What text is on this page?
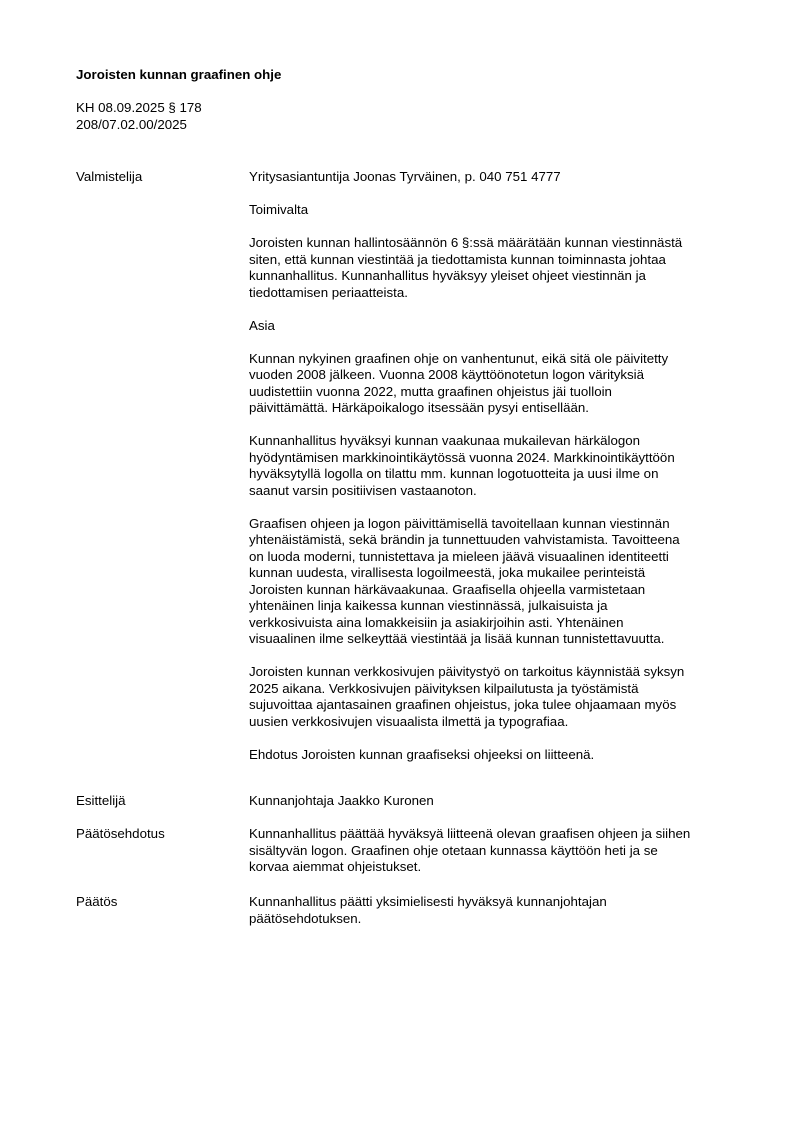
Joroisten kunnan graafinen ohje
KH 08.09.2025 § 178
208/07.02.00/2025
Valmistelija	Yritysasiantuntija Joonas Tyrväinen, p. 040 751 4777

Toimivalta

Joroisten kunnan hallintosäännön 6 §:ssä määrätään kunnan viestinnästä
siten, että kunnan viestintää ja tiedottamista kunnan toiminnasta johtaa
kunnanhallitus. Kunnanhallitus hyväksyy yleiset ohjeet viestinnän ja
tiedottamisen periaatteista.

Asia

Kunnan nykyinen graafinen ohje on vanhentunut, eikä sitä ole päivitetty
vuoden 2008 jälkeen. Vuonna 2008 käyttöönotetun logon värityksiä
uudistettiin vuonna 2022, mutta graafinen ohjeistus jäi tuolloin
päivittämättä. Härkäpoikalogo itsessään pysyi entisellään.

Kunnanhallitus hyväksyi kunnan vaakunaa mukailevan härkälogon
hyödyntämisen markkinointikäytössä vuonna 2024. Markkinointikäyttöön
hyväksytyllä logolla on tilattu mm. kunnan logotuotteita ja uusi ilme on
saanut varsin positiivisen vastaanoton.

Graafisen ohjeen ja logon päivittämisellä tavoitellaan kunnan viestinnän
yhtenäistämistä, sekä brändin ja tunnettuuden vahvistamista. Tavoitteena
on luoda moderni, tunnistettava ja mieleen jäävä visuaalinen identiteetti
kunnan uudesta, virallisesta logoilmeestä, joka mukailee perinteistä
Joroisten kunnan härkävaakunaa. Graafisella ohjeella varmistetaan
yhtenäinen linja kaikessa kunnan viestinnässä, julkaisuista ja
verkkosivuista aina lomakkeisiin ja asiakirjoihin asti. Yhtenäinen
visuaalinen ilme selkeyttää viestintää ja lisää kunnan tunnistettavuutta.

Joroisten kunnan verkkosivujen päivitystyö on tarkoitus käynnistää syksyn
2025 aikana. Verkkosivujen päivityksen kilpailutusta ja työstämistä
sujuvoittaa ajantasainen graafinen ohjeistus, joka tulee ohjaamaan myös
uusien verkkosivujen visuaalista ilmettä ja typografiaa.

Ehdotus Joroisten kunnan graafiseksi ohjeeksi on liitteenä.

Esittelijä	Kunnanjohtaja Jaakko Kuronen

Päätösehdotus	Kunnanhallitus päättää hyväksyä liitteenä olevan graafisen ohjeen ja siihen
sisältyvän logon. Graafinen ohje otetaan kunnassa käyttöön heti ja se
korvaa aiemmat ohjeistukset.

Päätös	Kunnanhallitus päätti yksimielisesti hyväksyä kunnanjohtajan
päätösehdotuksen.
